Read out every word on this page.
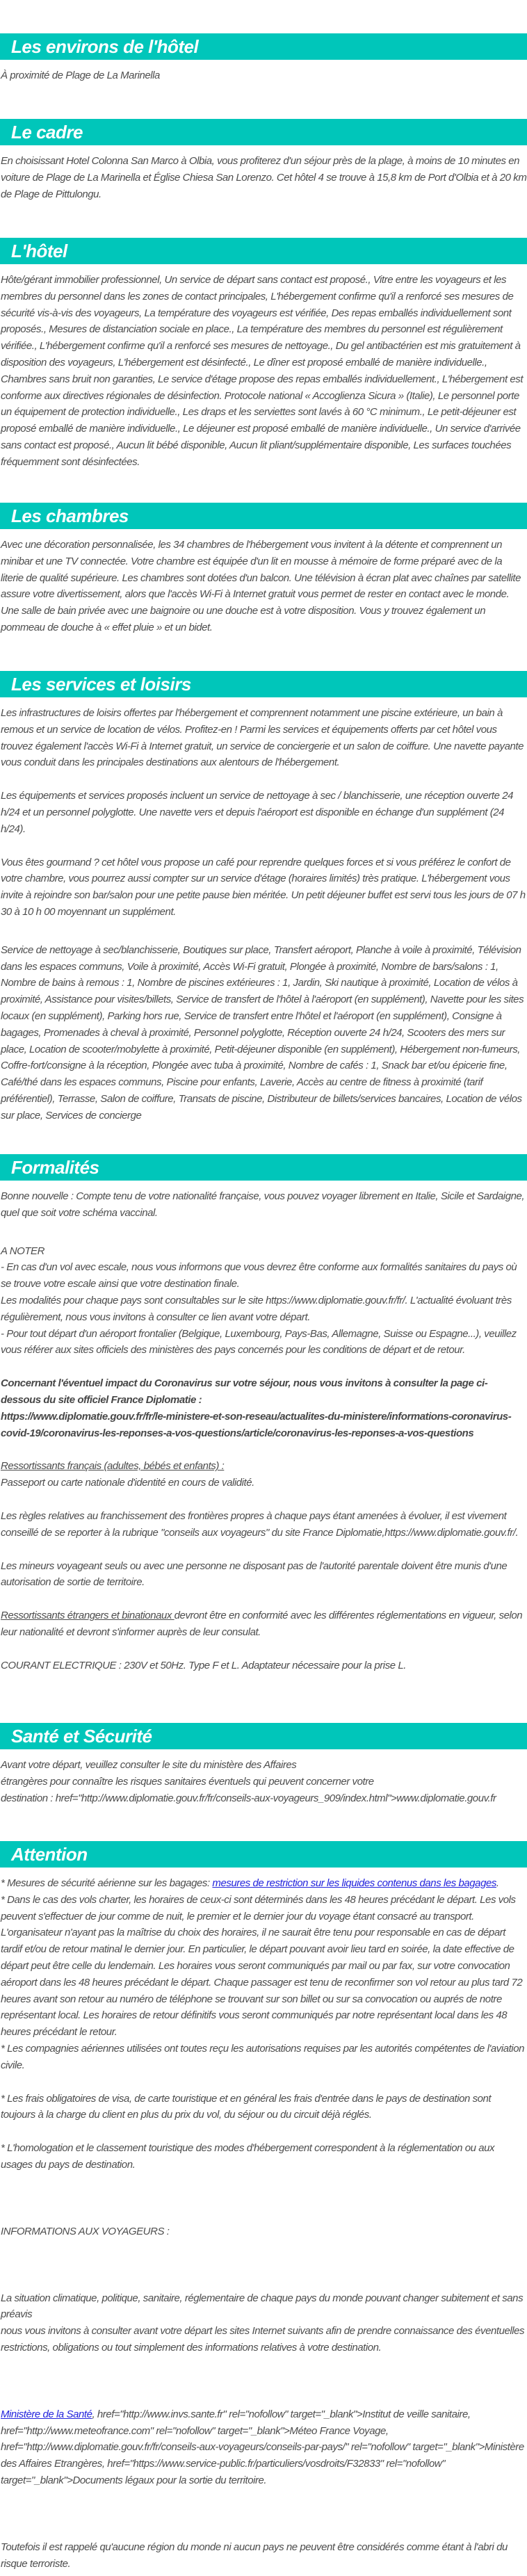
Les environs de l'hôtel

À proximité de Plage de La Marinella

Le cadre

En choisissant Hotel Colonna San Marco à Olbia, vous profiterez d'un séjour près de la plage, à moins de 10 minutes en voiture de Plage de La Marinella et Église Chiesa San Lorenzo. Cet hôtel 4 se trouve à 15,8 km de Port d'Olbia et à 20 km de Plage de Pittulongu.

L'hôtel

Hôte/gérant immobilier professionnel, Un service de départ sans contact est proposé., Vitre entre les voyageurs et les membres du personnel dans les zones de contact principales, L'hébergement confirme qu'il a renforcé ses mesures de sécurité vis-à-vis des voyageurs, La température des voyageurs est vérifiée, Des repas emballés individuellement sont proposés., Mesures de distanciation sociale en place., La température des membres du personnel est régulièrement vérifiée., L'hébergement confirme qu'il a renforcé ses mesures de nettoyage., Du gel antibactérien est mis gratuitement à disposition des voyageurs, L'hébergement est désinfecté., Le dîner est proposé emballé de manière individuelle., Chambres sans bruit non garanties, Le service d'étage propose des repas emballés individuellement., L'hébergement est conforme aux directives régionales de désinfection. Protocole national « Accoglienza Sicura » (Italie), Le personnel porte un équipement de protection individuelle., Les draps et les serviettes sont lavés à 60 °C minimum., Le petit-déjeuner est proposé emballé de manière individuelle., Le déjeuner est proposé emballé de manière individuelle., Un service d'arrivée sans contact est proposé., Aucun lit bébé disponible, Aucun lit pliant/supplémentaire disponible, Les surfaces touchées fréquemment sont désinfectées.

Les chambres

Avec une décoration personnalisée, les 34 chambres de l'hébergement vous invitent à la détente et comprennent un minibar et une TV connectée. Votre chambre est équipée d'un lit en mousse à mémoire de forme préparé avec de la literie de qualité supérieure. Les chambres sont dotées d'un balcon. Une télévision à écran plat avec chaînes par satellite assure votre divertissement, alors que l'accès Wi-Fi à Internet gratuit vous permet de rester en contact avec le monde. Une salle de bain privée avec une baignoire ou une douche est à votre disposition. Vous y trouvez également un pommeau de douche à « effet pluie » et un bidet.

Les services et loisirs

Les infrastructures de loisirs offertes par l'hébergement et comprennent notamment une piscine extérieure, un bain à remous et un service de location de vélos. Profitez-en ! Parmi les services et équipements offerts par cet hôtel vous trouvez également l'accès Wi-Fi à Internet gratuit, un service de conciergerie et un salon de coiffure. Une navette payante vous conduit dans les principales destinations aux alentours de l'hébergement.

Les équipements et services proposés incluent un service de nettoyage à sec / blanchisserie, une réception ouverte 24 h/24 et un personnel polyglotte. Une navette vers et depuis l'aéroport est disponible en échange d'un supplément (24 h/24).

Vous êtes gourmand ? cet hôtel vous propose un café pour reprendre quelques forces et si vous préférez le confort de votre chambre, vous pourrez aussi compter sur un service d'étage (horaires limités) très pratique. L'hébergement vous invite à rejoindre son bar/salon pour une petite pause bien méritée. Un petit déjeuner buffet est servi tous les jours de 07 h 30 à 10 h 00 moyennant un supplément.

Service de nettoyage à sec/blanchisserie, Boutiques sur place, Transfert aéroport, Planche à voile à proximité, Télévision dans les espaces communs, Voile à proximité, Accès Wi-Fi gratuit, Plongée à proximité, Nombre de bars/salons : 1, Nombre de bains à remous : 1, Nombre de piscines extérieures : 1, Jardin, Ski nautique à proximité, Location de vélos à proximité, Assistance pour visites/billets, Service de transfert de l'hôtel à l'aéroport (en supplément), Navette pour les sites locaux (en supplément), Parking hors rue, Service de transfert entre l'hôtel et l'aéroport (en supplément), Consigne à bagages, Promenades à cheval à proximité, Personnel polyglotte, Réception ouverte 24 h/24, Scooters des mers sur place, Location de scooter/mobylette à proximité, Petit-déjeuner disponible (en supplément), Hébergement non-fumeurs, Coffre-fort/consigne à la réception, Plongée avec tuba à proximité, Nombre de cafés : 1, Snack bar et/ou épicerie fine, Café/thé dans les espaces communs, Piscine pour enfants, Laverie, Accès au centre de fitness à proximité (tarif préférentiel), Terrasse, Salon de coiffure, Transats de piscine, Distributeur de billets/services bancaires, Location de vélos sur place, Services de concierge

Formalités

Bonne nouvelle : Compte tenu de votre nationalité française, vous pouvez voyager librement en Italie, Sicile et Sardaigne, quel que soit votre schéma vaccinal.

A NOTER

- En cas d'un vol avec escale, nous vous informons que vous devrez être conforme aux formalités sanitaires du pays où se trouve votre escale ainsi que votre destination finale.

Les modalités pour chaque pays sont consultables sur le site https://www.diplomatie.gouv.fr/fr/. L'actualité évoluant très régulièrement, nous vous invitons à consulter ce lien avant votre départ.

- Pour tout départ d'un aéroport frontalier (Belgique, Luxembourg, Pays-Bas, Allemagne, Suisse ou Espagne...), veuillez vous référer aux sites officiels des ministères des pays concernés pour les conditions de départ et de retour.

Concernant l'éventuel impact du Coronavirus sur votre séjour, nous vous invitons à consulter la page ci-dessous du site officiel France Diplomatie :

https://www.diplomatie.gouv.fr/fr/le-ministere-et-son-reseau/actualites-du-ministere/informations-coronavirus-covid-19/coronavirus-les-reponses-a-vos-questions/article/coronavirus-les-reponses-a-vos-questions

Ressortissants français (adultes, bébés et enfants) :

Passeport ou carte nationale d'identité en cours de validité.

Les règles relatives au franchissement des frontières propres à chaque pays étant amenées à évoluer, il est vivement conseillé de se reporter à la rubrique "conseils aux voyageurs" du site France Diplomatie,https://www.diplomatie.gouv.fr/.

Les mineurs voyageant seuls ou avec une personne ne disposant pas de l'autorité parentale doivent être munis d'une autorisation de sortie de territoire.

Ressortissants étrangers et binationaux devront être en conformité avec les différentes réglementations en vigueur, selon leur nationalité et devront s'informer auprès de leur consulat.

COURANT ELECTRIQUE : 230V et 50Hz. Type F et L. Adaptateur nécessaire pour la prise L.

Santé et Sécurité

Avant votre départ, veuillez consulter le site du ministère des Affaires

étrangères pour connaître les risques sanitaires éventuels qui peuvent concerner votre

destination : href="http://www.diplomatie.gouv.fr/fr/conseils-aux-voyageurs_909/index.html">www.diplomatie.gouv.fr

Attention

* Mesures de sécurité aérienne sur les bagages: mesures de restriction sur les liquides contenus dans les bagages.

* Dans le cas des vols charter, les horaires de ceux-ci sont déterminés dans les 48 heures précédant le départ. Les vols peuvent s'effectuer de jour comme de nuit, le premier et le dernier jour du voyage étant consacré au transport. L'organisateur n'ayant pas la maîtrise du choix des horaires, il ne saurait être tenu pour responsable en cas de départ tardif et/ou de retour matinal le dernier jour. En particulier, le départ pouvant avoir lieu tard en soirée, la date effective de départ peut être celle du lendemain. Les horaires vous seront communiqués par mail ou par fax, sur votre convocation aéroport dans les 48 heures précédant le départ. Chaque passager est tenu de reconfirmer son vol retour au plus tard 72 heures avant son retour au numéro de téléphone se trouvant sur son billet ou sur sa convocation ou auprés de notre représentant local. Les horaires de retour définitifs vous seront communiqués par notre représentant local dans les 48 heures précédant le retour.

* Les compagnies aériennes utilisées ont toutes reçu les autorisations requises par les autorités compétentes de l'aviation civile.

* Les frais obligatoires de visa, de carte touristique et en général les frais d'entrée dans le pays de destination sont toujours à la charge du client en plus du prix du vol, du séjour ou du circuit déjà réglés.

* L'homologation et le classement touristique des modes d'hébergement correspondent à la réglementation ou aux usages du pays de destination.

INFORMATIONS AUX VOYAGEURS :

La situation climatique, politique, sanitaire, réglementaire de chaque pays du monde pouvant changer subitement et sans préavis

nous vous invitons à consulter avant votre départ les sites Internet suivants afin de prendre connaissance des éventuelles restrictions, obligations ou tout simplement des informations relatives à votre destination.

Ministère de la Santé, href="http://www.invs.sante.fr" rel="nofollow" target="_blank">Institut de veille sanitaire, href="http://www.meteofrance.com" rel="nofollow" target="_blank">Méteo France Voyage, href="http://www.diplomatie.gouv.fr/fr/conseils-aux-voyageurs/conseils-par-pays/" rel="nofollow" target="_blank">Ministère des Affaires Etrangères, href="https://www.service-public.fr/particuliers/vosdroits/F32833" rel="nofollow" target="_blank">Documents légaux pour la sortie du territoire.

Toutefois il est rappelé qu'aucune région du monde ni aucun pays ne peuvent être considérés comme étant à l'abri du risque terroriste.
